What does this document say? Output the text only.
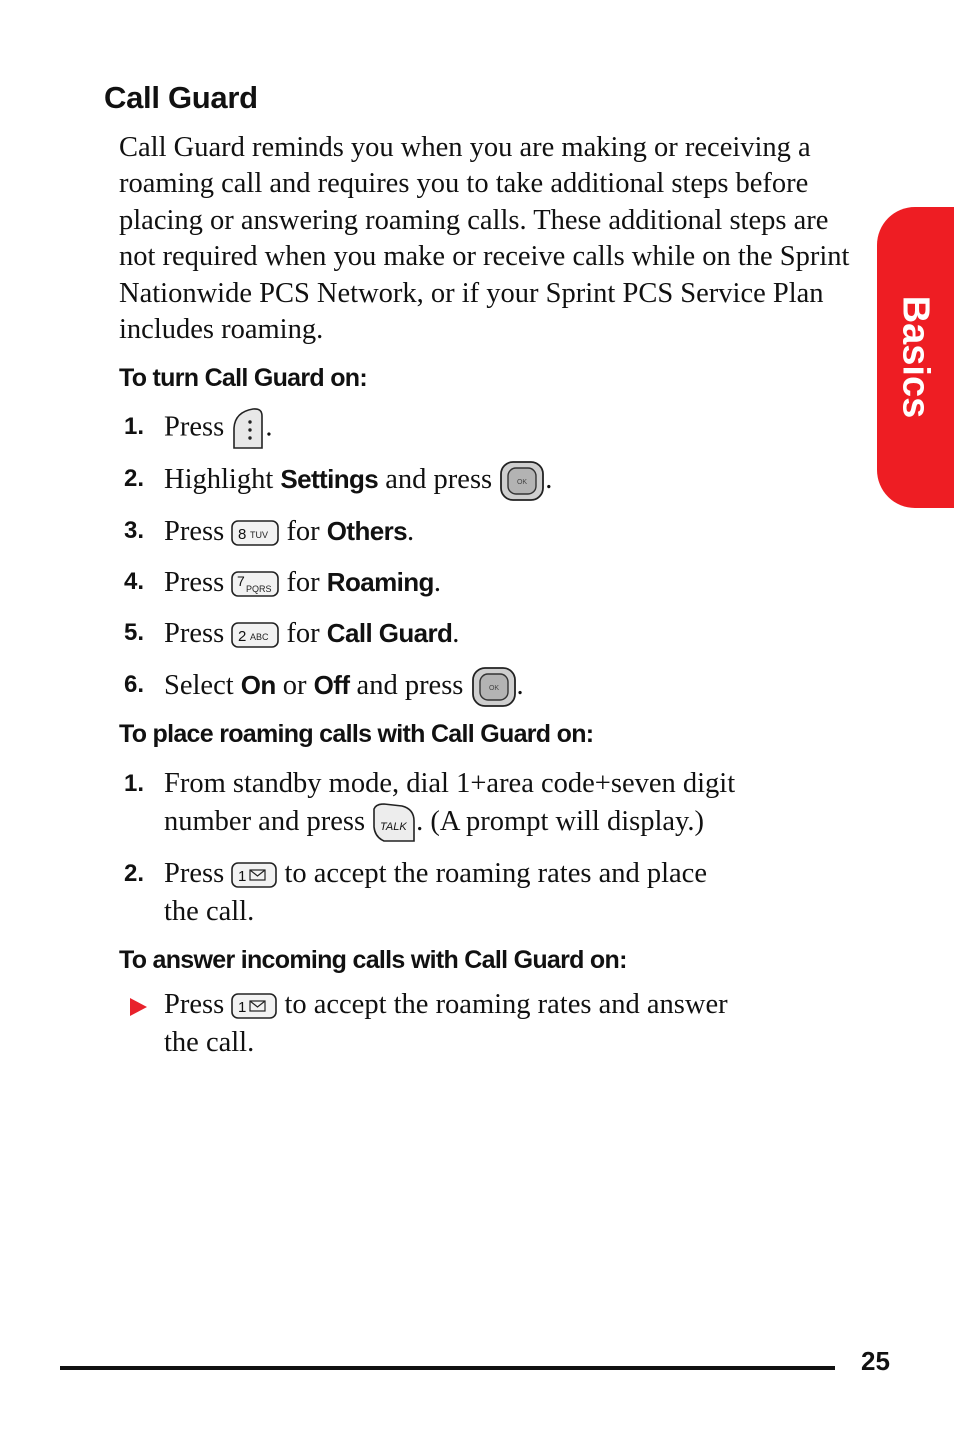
Call Guard

Call Guard reminds you when you are making or receiving a roaming call and requires you to take additional steps before placing or answering roaming calls. These additional steps are not required when you make or receive calls while on the Sprint Nationwide PCS Network, or if your Sprint PCS Service Plan includes roaming.

To turn Call Guard on:
1. Press .
2. Highlight Settings and press	OK .
3. Press 8 TUV for Others.
4. Press 7 PQRS for Roaming.
5. Press 2 ABC for Call Guard.
6. Select On or Off and press	OK .
To place roaming calls with Call Guard on:
1. From standby mode, dial 1+area code+seven digit
number and press TALK . (A prompt will display.)
2. Press 1 to accept the roaming rates and place
the call.
To answer incoming calls with Call Guard on:
Press 1 to accept the roaming rates and answer
the call.
Basics
25
